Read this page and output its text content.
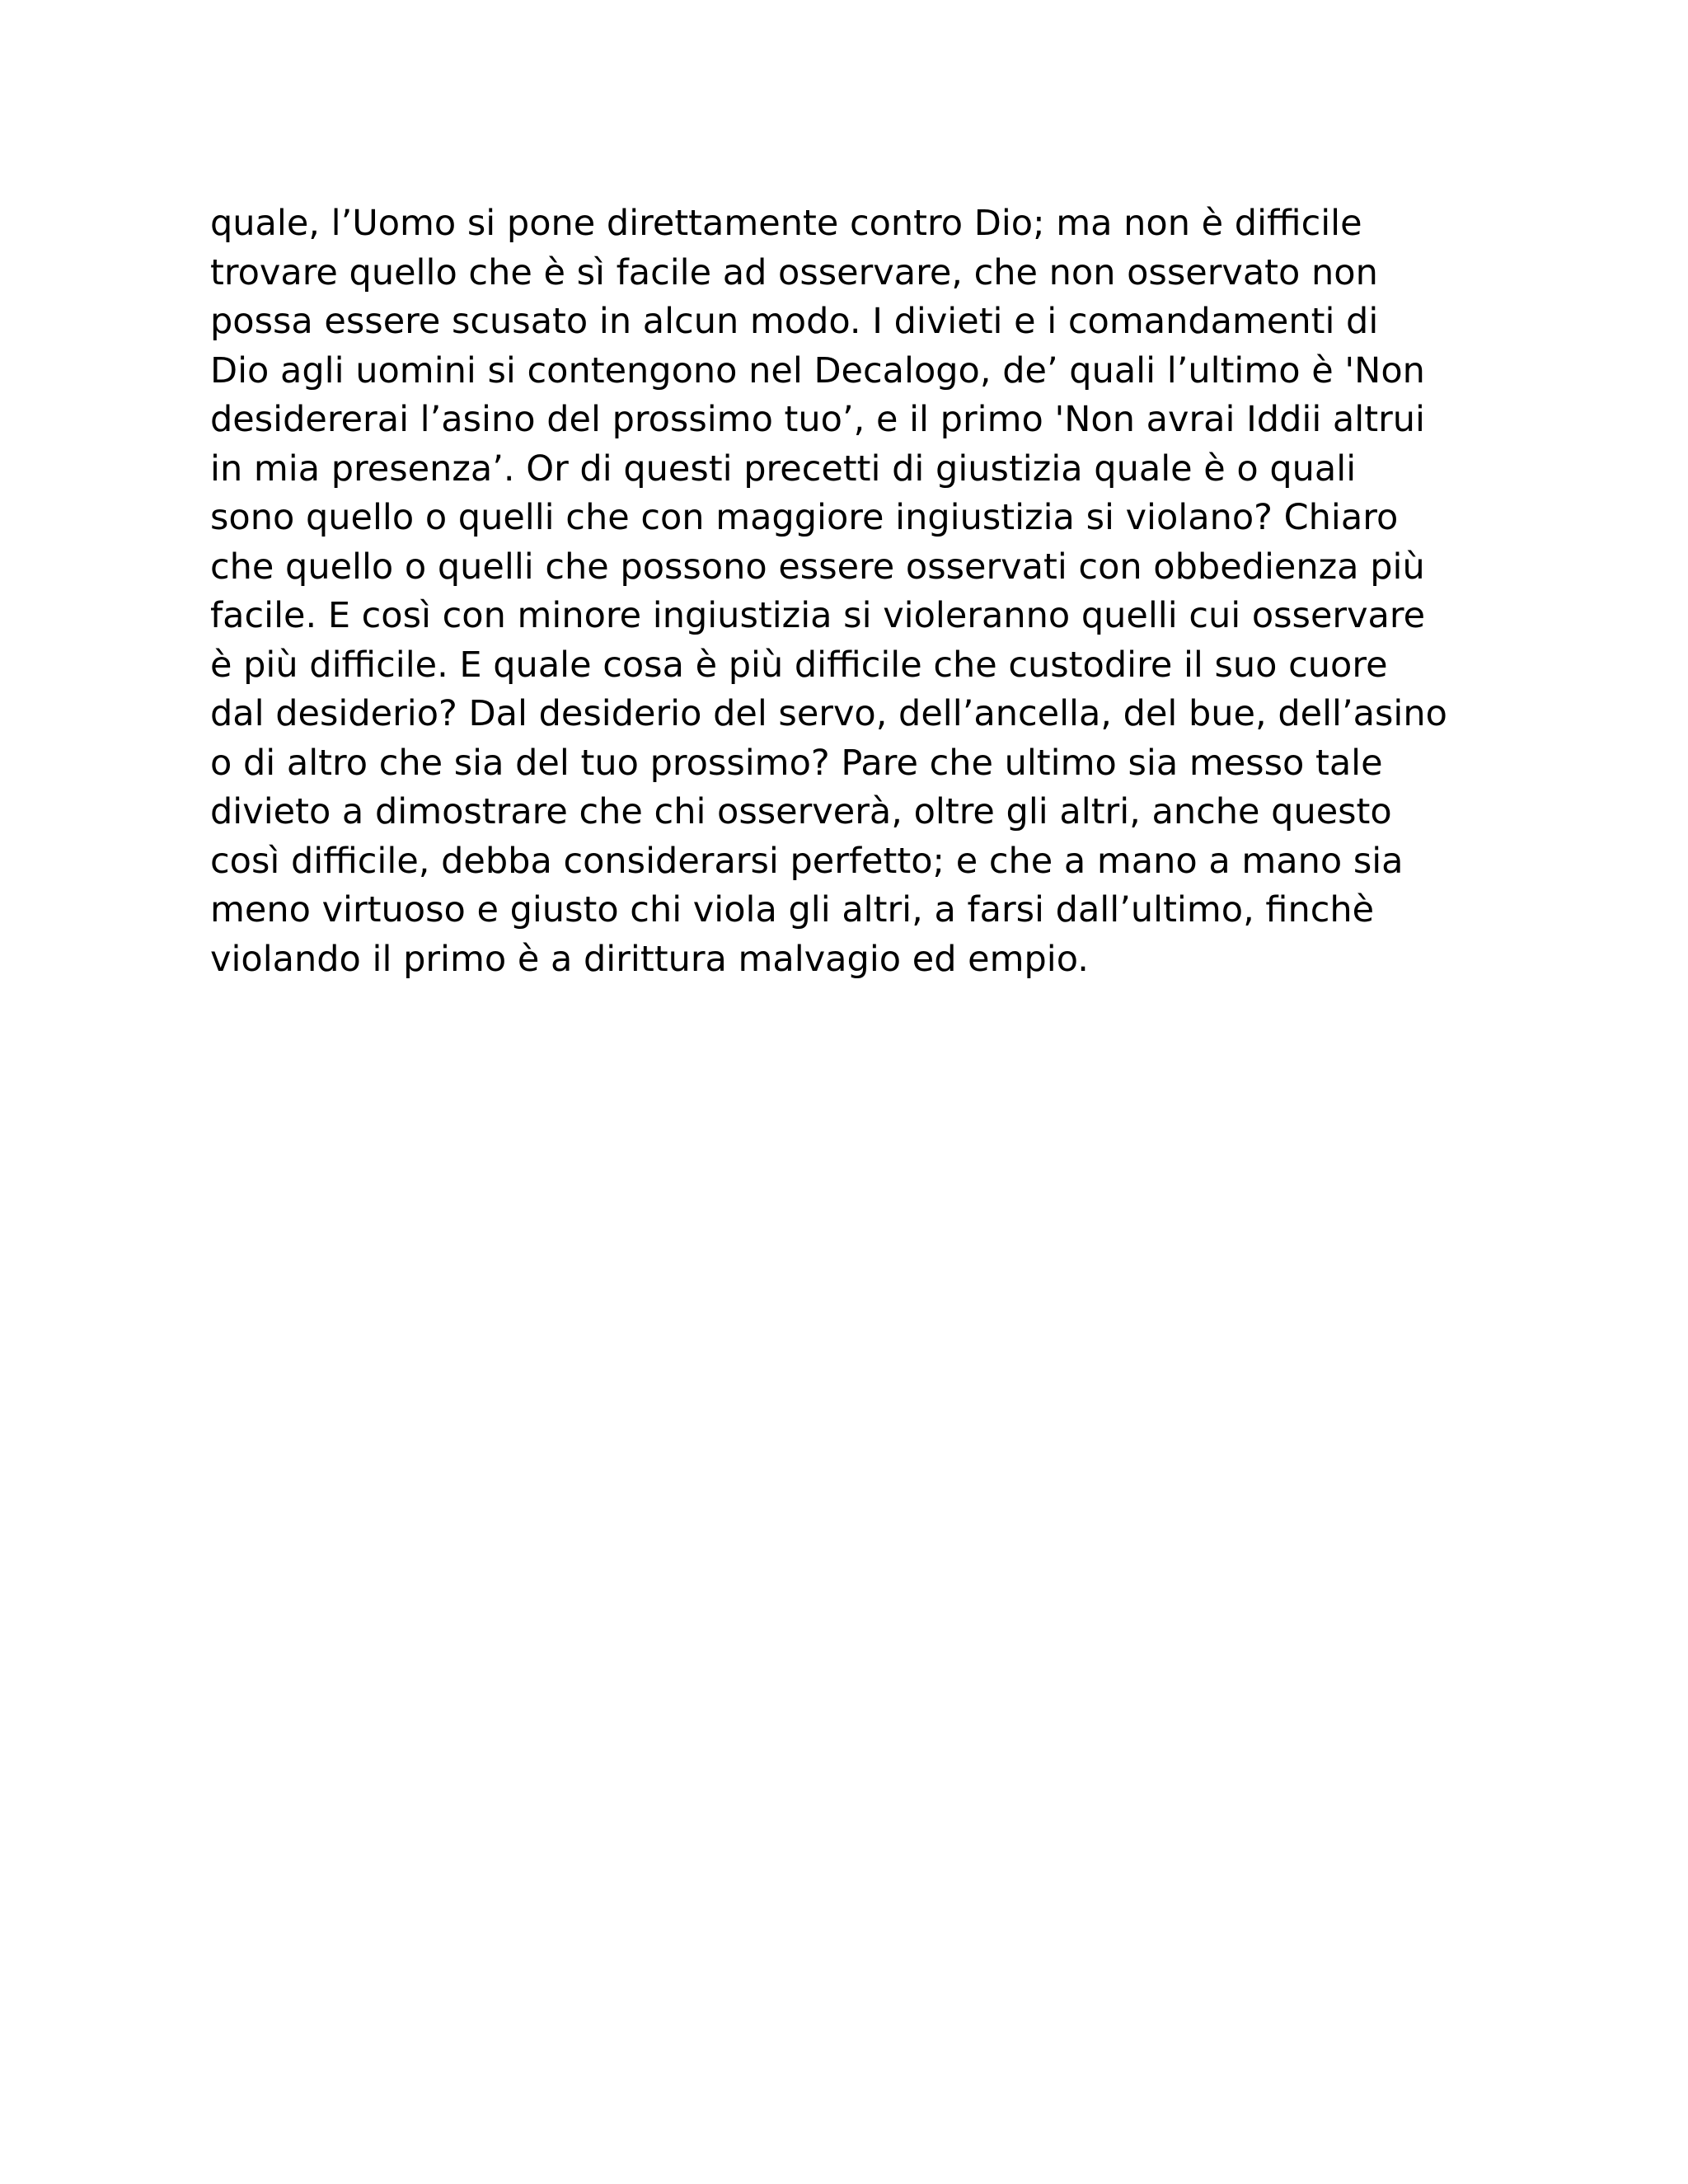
quale, l’Uomo si pone direttamente contro Dio; ma non è difficile
trovare quello che è sì facile ad osservare, che non osservato non
possa essere scusato in alcun modo. I divieti e i comandamenti di
Dio agli uomini si contengono nel Decalogo, de’ quali l’ultimo è 'Non
desidererai l’asino del prossimo tuo’, e il primo 'Non avrai Iddii altrui
in mia presenza’. Or di questi precetti di giustizia quale è o quali
sono quello o quelli che con maggiore ingiustizia si violano? Chiaro
che quello o quelli che possono essere osservati con obbedienza più
facile. E così con minore ingiustizia si violeranno quelli cui osservare
è più difficile. E quale cosa è più difficile che custodire il suo cuore
dal desiderio? Dal desiderio del servo, dell’ancella, del bue, dell’asino
o di altro che sia del tuo prossimo? Pare che ultimo sia messo tale
divieto a dimostrare che chi osserverà, oltre gli altri, anche questo
così difficile, debba considerarsi perfetto; e che a mano a mano sia
meno virtuoso e giusto chi viola gli altri, a farsi dall’ultimo, finchè
violando il primo è a dirittura malvagio ed empio.
